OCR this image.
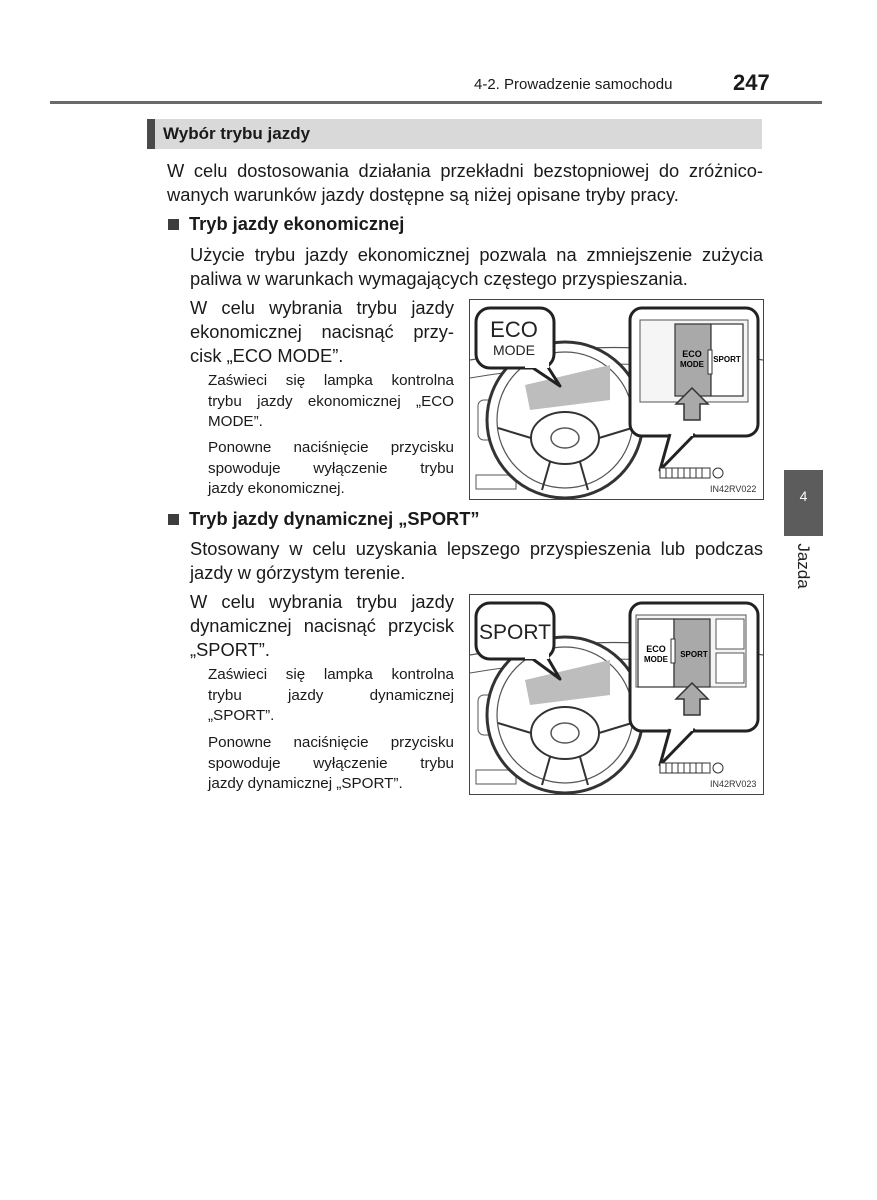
4-2. Prowadzenie samochodu	247
Wybór trybu jazdy
W celu dostosowania działania przekładni bezstopniowej do zróżnico-
wanych warunków jazdy dostępne są niżej opisane tryby pracy.
Tryb jazdy ekonomicznej
Użycie trybu jazdy ekonomicznej pozwala na zmniejszenie zużycia
paliwa w warunkach wymagających częstego przyspieszania.
W celu wybrania trybu jazdy
ekonomicznej nacisnąć przy-
cisk „ECO MODE”.
Zaświeci się lampka kontrolna
trybu jazdy ekonomicznej „ECO
MODE”.
Ponowne naciśnięcie przycisku
spowoduje wyłączenie trybu
jazdy ekonomicznej.
ECO
MODE	ECO
MODE
SPORT
IN42RV022
Tryb jazdy dynamicznej „SPORT”
Stosowany w celu uzyskania lepszego przyspieszenia lub podczas
jazdy w górzystym terenie.
W celu wybrania trybu jazdy
dynamicznej nacisnąć przycisk
„SPORT”.
Zaświeci się lampka kontrolna
trybu jazdy dynamicznej
„SPORT”.
Ponowne naciśnięcie przycisku
spowoduje wyłączenie trybu
jazdy dynamicznej „SPORT”.
SPORT
ECO
MODE
SPORT
IN42RV023
4
Jazda
